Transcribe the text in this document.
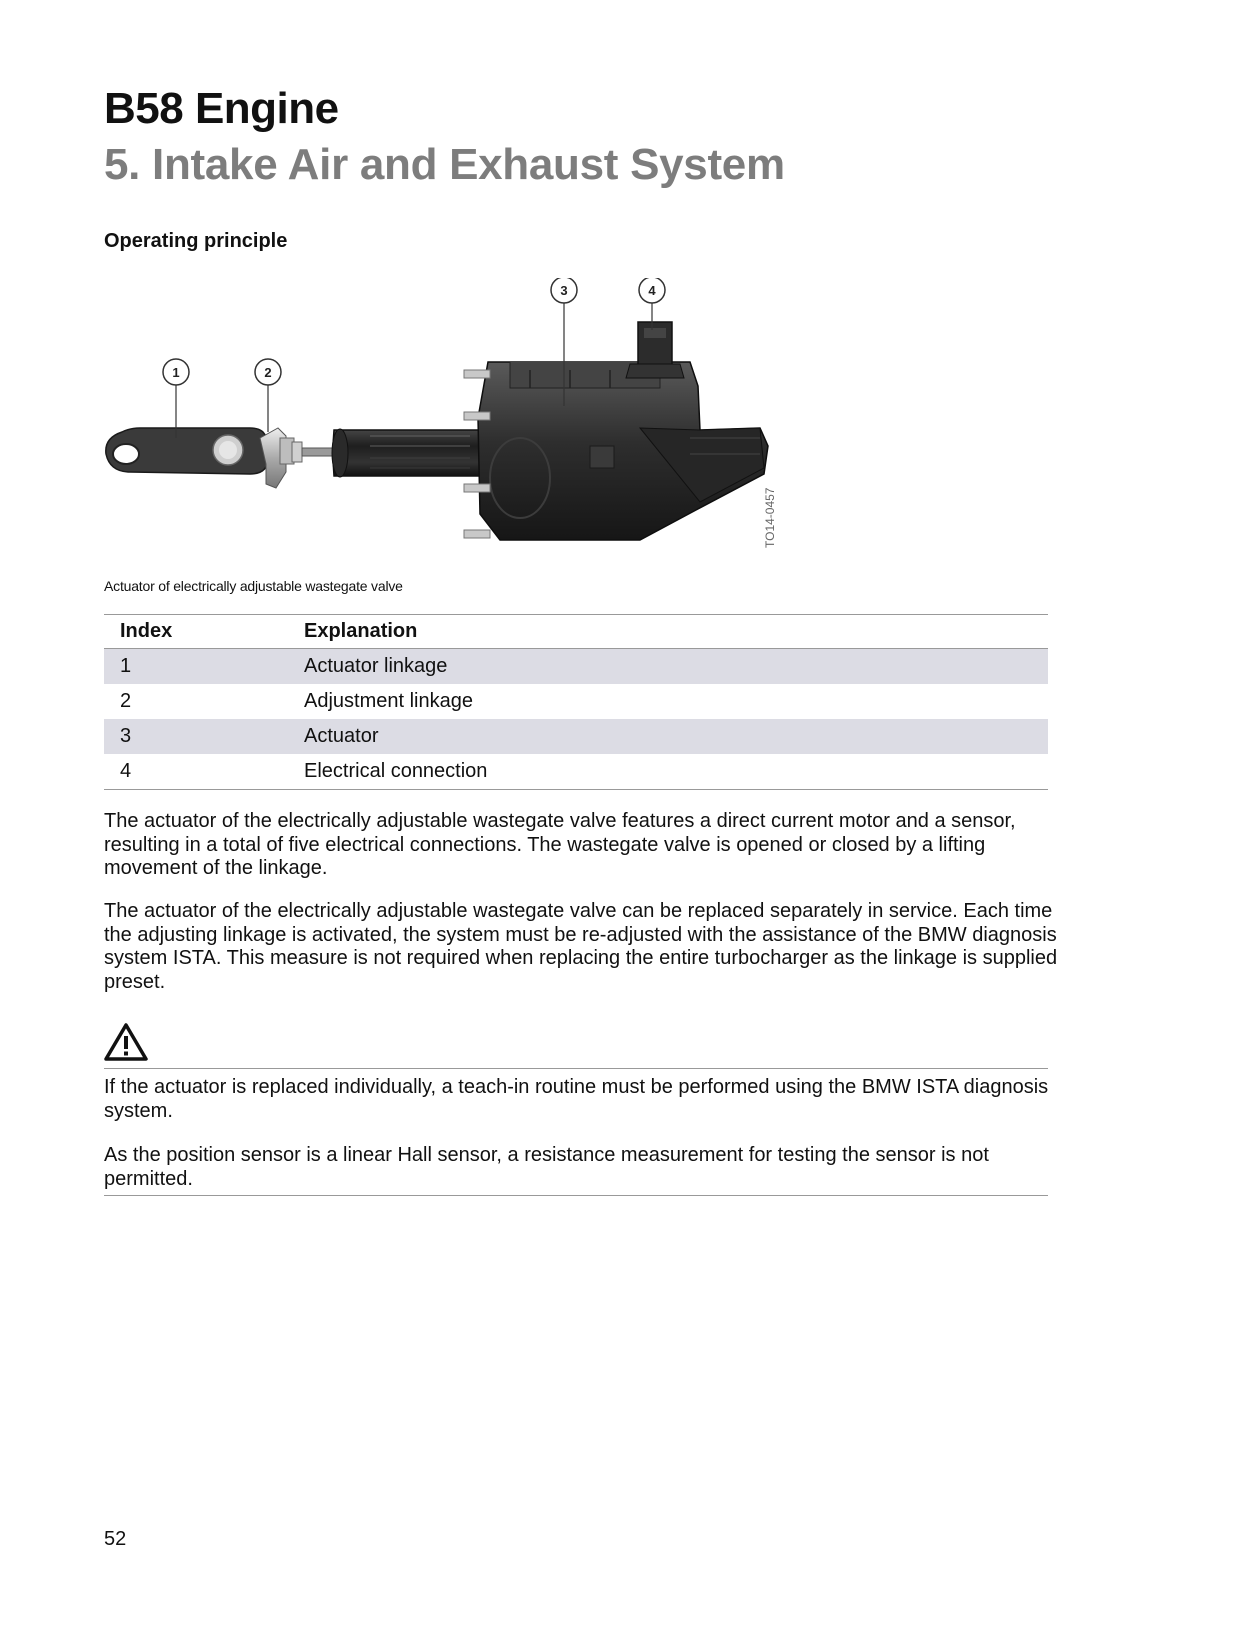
B58 Engine
5. Intake Air and Exhaust System
Operating principle
1	2
3	4
TO14-0457
Actuator of electrically adjustable wastegate valve
Index	Explanation
1	Actuator linkage
2	Adjustment linkage
3	Actuator
4	Electrical connection
The actuator of the electrically adjustable wastegate valve features a direct current motor and a sensor, resulting in a total of five electrical connections. The wastegate valve is opened or closed by a lifting movement of the linkage.
The actuator of the electrically adjustable wastegate valve can be replaced separately in service. Each time the adjusting linkage is activated, the system must be re-adjusted with the assistance of the BMW diagnosis system ISTA. This measure is not required when replacing the entire turbocharger as the linkage is supplied preset.
If the actuator is replaced individually, a teach-in routine must be performed using the BMW ISTA diagnosis system.
As the position sensor is a linear Hall sensor, a resistance measurement for testing the sensor is not permitted.
52
